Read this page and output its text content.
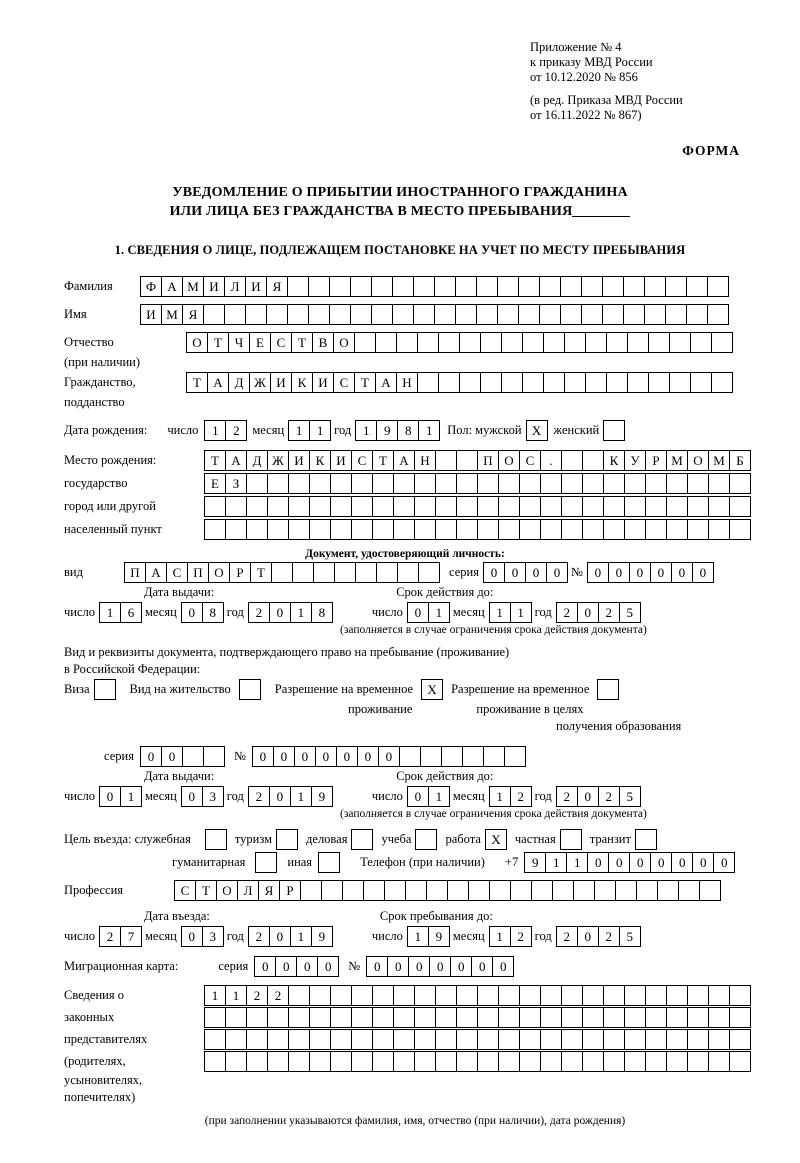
Приложение № 4
к приказу МВД России
от 10.12.2020 № 856
(в ред. Приказа МВД России
от 16.11.2022 № 867)
ФОРМА
УВЕДОМЛЕНИЕ О ПРИБЫТИИ ИНОСТРАННОГО ГРАЖДАНИНА
ИЛИ ЛИЦА БЕЗ ГРАЖДАНСТВА В МЕСТО ПРЕБЫВАНИЯ
1. СВЕДЕНИЯ О ЛИЦЕ, ПОДЛЕЖАЩЕМ ПОСТАНОВКЕ НА УЧЕТ ПО МЕСТУ ПРЕБЫВАНИЯ
Фамилия	Ф А М И Л И Я
Имя	И М Я
Отчество	О Т Ч Е С Т В О
(при наличии)
Гражданство,	Т А Д Ж И К И С Т А Н
подданство
Дата рождения: число	1	2	месяц 1	1 год 1	9	8	1	Пол: мужской X женский
Место рождения:	Т А Д Ж И К И С Т А Н	П О С	.	К У Р М О М Б
государство	Е	З
город или другой
населенный пункт
Документ, удостоверяющий личность:
вид	П А С П О Р	Т	серия 0	0	0	0 № 0	0	0	0	0	0
Дата выдачи:	Срок действия до:
число 1	6 месяц 0	8 год 2	0	1	8	число 0	1 месяц 1	1 год 2	0	2	5
(заполняется в случае ограничения срока действия документа)
Вид и реквизиты документа, подтверждающего право на пребывание (проживание)
в Российской Федерации:
Виза	Вид на жительство	Разрешение на временное	X	Разрешение на временное
проживание	проживание в целях
получения образования
серия	0	0	№	0	0	0	0	0	0	0
Дата выдачи:	Срок действия до:
число 0	1 месяц 0	3 год 2	0	1	9	число 0	1 месяц 1	2 год 2	0	2	5
(заполняется в случае ограничения срока действия документа)
Цель въезда: служебная	туризм	деловая	учеба	работа X	частная	транзит
гуманитарная	иная	Телефон (при наличии) +7	9	1	1	0	0	0	0	0	0	0
Профессия	С Т О Л Я	Р
Дата въезда:	Срок пребывания до:
число 2	7 месяц 0	3 год 2	0	1	9	число 1	9 месяц 1	2 год 2	0	2	5
Миграционная карта:	серия	0	0	0	0	№	0	0	0	0	0	0	0
Сведения о	1	1	2	2
законных
представителях
(родителях,
усыновителях,
попечителях)
(при заполнении указываются фамилия, имя, отчество (при наличии), дата рождения)
